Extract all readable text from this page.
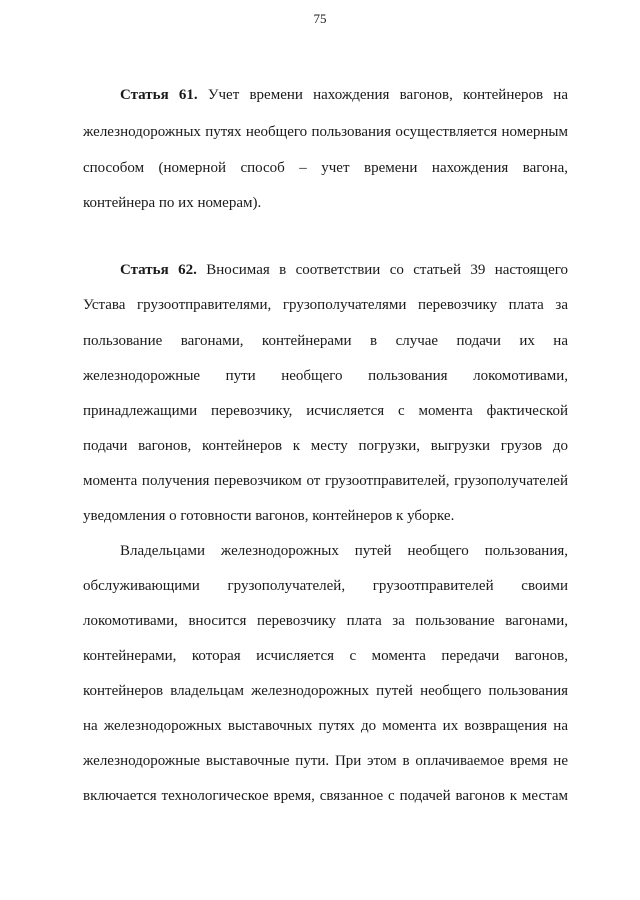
75
Статья 61. Учет времени нахождения вагонов, контейнеров на
железнодорожных путях необщего пользования осуществляется номерным
способом (номерной способ – учет времени нахождения вагона,
контейнера по их номерам).
Статья 62. Вносимая в соответствии со статьей 39 настоящего
Устава грузоотправителями, грузополучателями перевозчику плата за
пользование вагонами, контейнерами в случае подачи их на
железнодорожные пути необщего пользования локомотивами,
принадлежащими перевозчику, исчисляется с момента фактической
подачи вагонов, контейнеров к месту погрузки, выгрузки грузов до
момента получения перевозчиком от грузоотправителей, грузополучателей
уведомления о готовности вагонов, контейнеров к уборке.
Владельцами железнодорожных путей необщего пользования,
обслуживающими грузополучателей, грузоотправителей своими
локомотивами, вносится перевозчику плата за пользование вагонами,
контейнерами, которая исчисляется с момента передачи вагонов,
контейнеров владельцам железнодорожных путей необщего пользования
на железнодорожных выставочных путях до момента их возвращения на
железнодорожные выставочные пути. При этом в оплачиваемое время не
включается технологическое время, связанное с подачей вагонов к местам
